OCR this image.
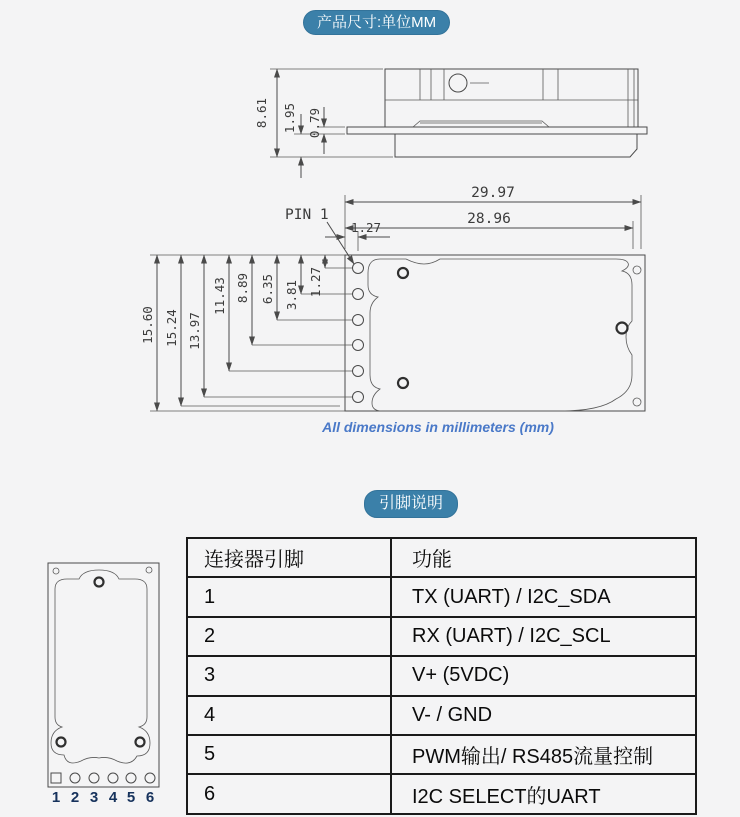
产品尺寸:单位MM
8.61 1.95 0.79
29.97
28.96
1.27
PIN 1
15.60 15.24 13.97
11.43 8.89 6.35 3.81 1.27
All dimensions in millimeters (mm)
引脚说明
1 2 3 4 5 6
连接器引脚	功能
1	TX (UART) / I2C_SDA
2	RX (UART) / I2C_SCL
3	V+ (5VDC)
4	V- / GND
5	PWM输出/ RS485流量控制
6	I2C SELECT的UART
